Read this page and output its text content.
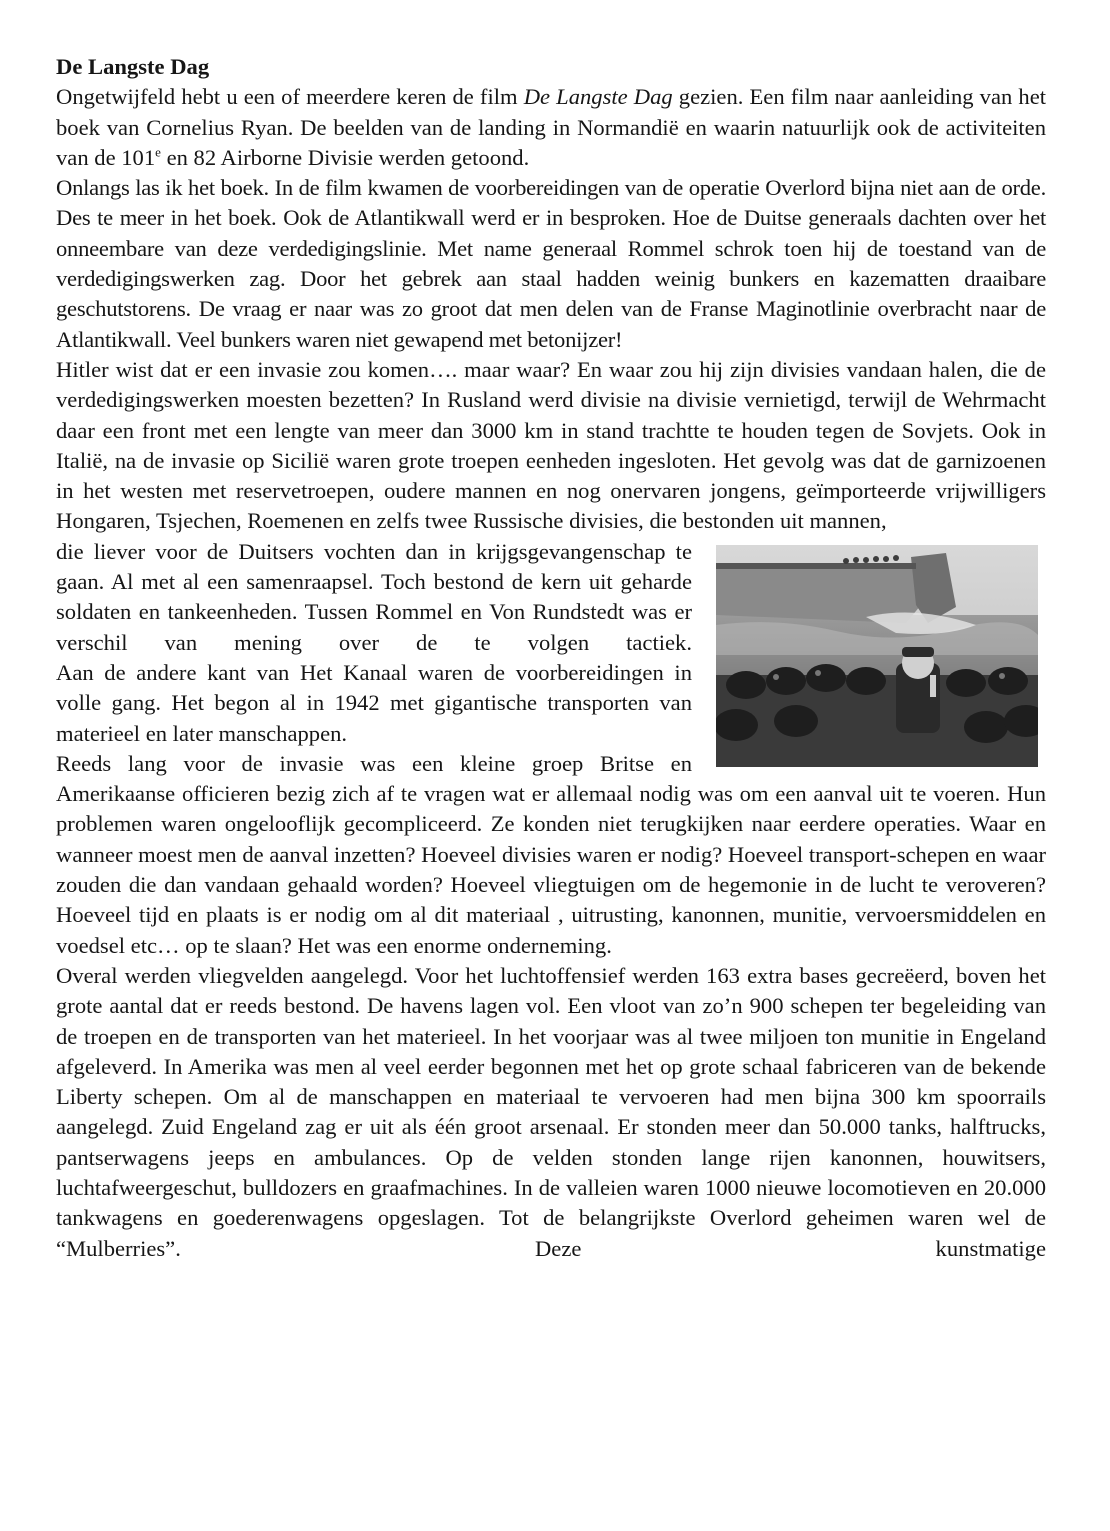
De Langste Dag

Ongetwijfeld hebt u een of meerdere keren de film De Langste Dag gezien. Een film naar aanleiding van het boek van Cornelius Ryan. De beelden van de landing in Normandië en waarin natuurlijk ook de activiteiten van de 101e en 82 Airborne Divisie werden getoond.

Onlangs las ik het boek. In de film kwamen de voorbereidingen van de operatie Overlord bijna niet aan de orde. Des te meer in het boek. Ook de Atlantikwall werd er in besproken. Hoe de Duitse generaals dachten over het onneembare van deze verdedigingslinie. Met name generaal Rommel schrok toen hij de toestand van de verdedigingswerken zag. Door het gebrek aan staal hadden weinig bunkers en kazematten draaibare geschutstorens. De vraag er naar was zo groot dat men delen van de Franse Maginotlinie overbracht naar de Atlantikwall. Veel bunkers waren niet gewapend met betonijzer!

Hitler wist dat er een invasie zou komen…. maar waar? En waar zou hij zijn divisies vandaan halen, die de verdedigingswerken moesten bezetten? In Rusland werd divisie na divisie vernietigd, terwijl de Wehrmacht daar een front met een lengte van meer dan 3000 km in stand trachtte te houden tegen de Sovjets. Ook in Italië, na de invasie op Sicilië waren grote troepen eenheden ingesloten. Het gevolg was dat de garnizoenen in het westen met reservetroepen, oudere mannen en nog onervaren jongens, geïmporteerde vrijwilligers Hongaren, Tsjechen, Roemenen en zelfs twee Russische divisies, die bestonden uit mannen,

die liever voor de Duitsers vochten dan in krijgsgevangenschap te gaan. Al met al een samenraapsel. Toch bestond de kern uit geharde soldaten en tankeenheden. Tussen Rommel en Von Rundstedt was er verschil van mening over de te volgen tactiek.

Aan de andere kant van Het Kanaal waren de voorbereidingen in volle gang. Het begon al in 1942 met gigantische transporten van materieel en later manschappen.

Reeds lang voor de invasie was een kleine groep Britse en Amerikaanse officieren bezig zich af te vragen wat er allemaal nodig was om een aanval uit te voeren. Hun problemen waren ongelooflijk gecompliceerd. Ze konden niet terugkijken naar eerdere operaties. Waar en wanneer moest men de aanval inzetten? Hoeveel divisies waren er nodig? Hoeveel transport-schepen en waar zouden die dan vandaan gehaald worden? Hoeveel vliegtuigen om de hegemonie in de lucht te veroveren? Hoeveel tijd en plaats is er nodig om al dit materiaal , uitrusting, kanonnen, munitie, vervoersmiddelen en voedsel etc… op te slaan? Het was een enorme onderneming.

Overal werden vliegvelden aangelegd. Voor het luchtoffensief werden 163 extra bases gecreëerd, boven het grote aantal dat er reeds bestond. De havens lagen vol. Een vloot van zo’n 900 schepen ter begeleiding van de troepen en de transporten van het materieel. In het voorjaar was al twee miljoen ton munitie in Engeland afgeleverd. In Amerika was men al veel eerder begonnen met het op grote schaal fabriceren van de bekende Liberty schepen. Om al de manschappen en materiaal te vervoeren had men bijna 300 km spoorrails aangelegd. Zuid Engeland zag er uit als één groot arsenaal. Er stonden meer dan 50.000 tanks, halftrucks, pantserwagens jeeps en ambulances. Op de velden stonden lange rijen kanonnen, houwitsers, luchtafweergeschut, bulldozers en graafmachines. In de valleien waren 1000 nieuwe locomotieven en 20.000 tankwagens en goederenwagens opgeslagen. Tot de belangrijkste Overlord geheimen waren wel de “Mulberries”. Deze kunstmatige
